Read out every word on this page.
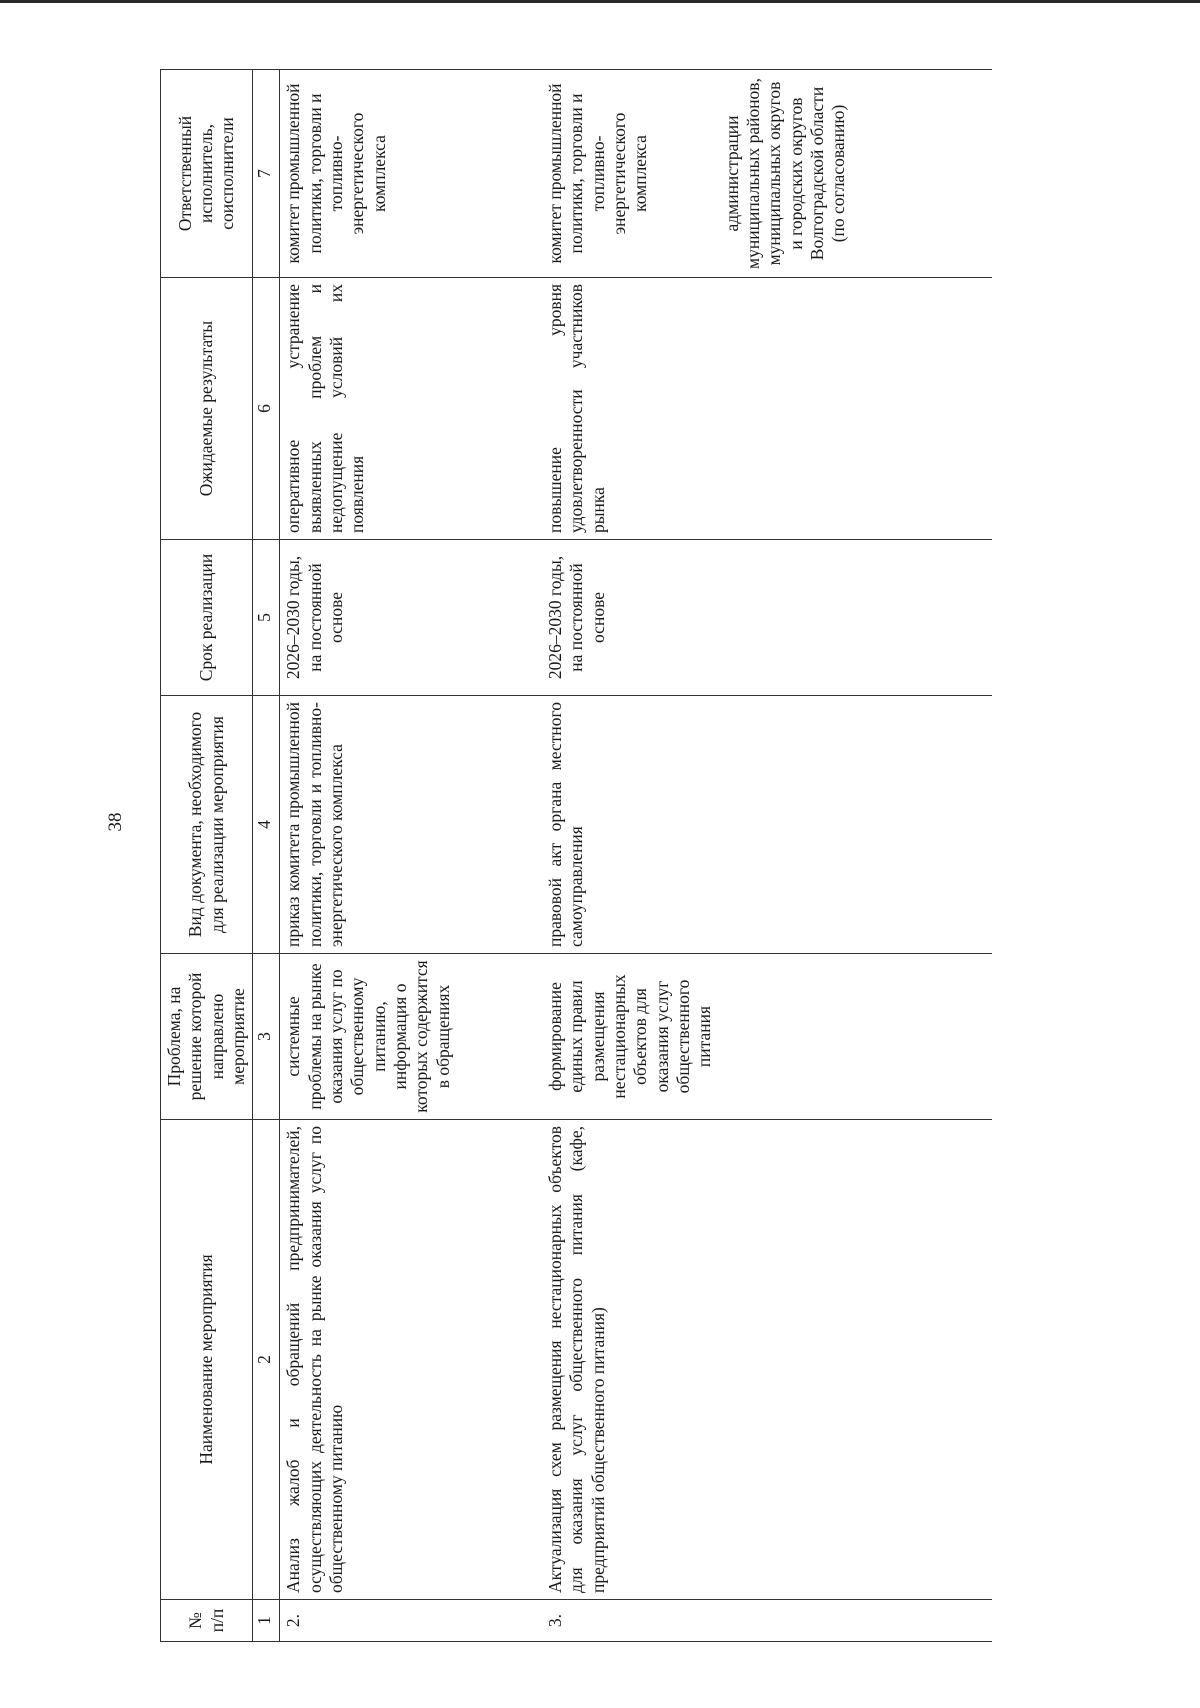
38
№ п/п	Наименование мероприятия	Проблема, на решение которой направлено мероприятие	Вид документа, необходимого для реализации мероприятия	Срок реализации	Ожидаемые результаты	Ответственный исполнитель, соисполнители
1	2	3	4	5	6	7
2.	Анализ жалоб и обращений предпринимателей, осуществляющих деятельность на рынке оказания услуг по общественному питанию	системные проблемы на рынке оказания услуг по общественному питанию, информация о которых содержится в обращениях	приказ комитета промышленной политики, торговли и топливно-энергетического комплекса	2026–2030 годы, на постоянной основе	оперативное устранение выявленных проблем и недопущение условий их появления	комитет промышленной политики, торговли и топливно-энергетического комплекса
3.	Актуализация схем размещения нестационарных объектов для оказания услуг общественного питания (кафе, предприятий общественного питания)	формирование единых правил размещения нестационарных объектов для оказания услуг общественного питания	правовой акт органа местного самоуправления	2026–2030 годы, на постоянной основе	повышение уровня удовлетворенности участников рынка	комитет промышленной политики, торговли и топливно-энергетического комплекса администрации муниципальных районов, муниципальных округов и городских округов Волгоградской области (по согласованию)
